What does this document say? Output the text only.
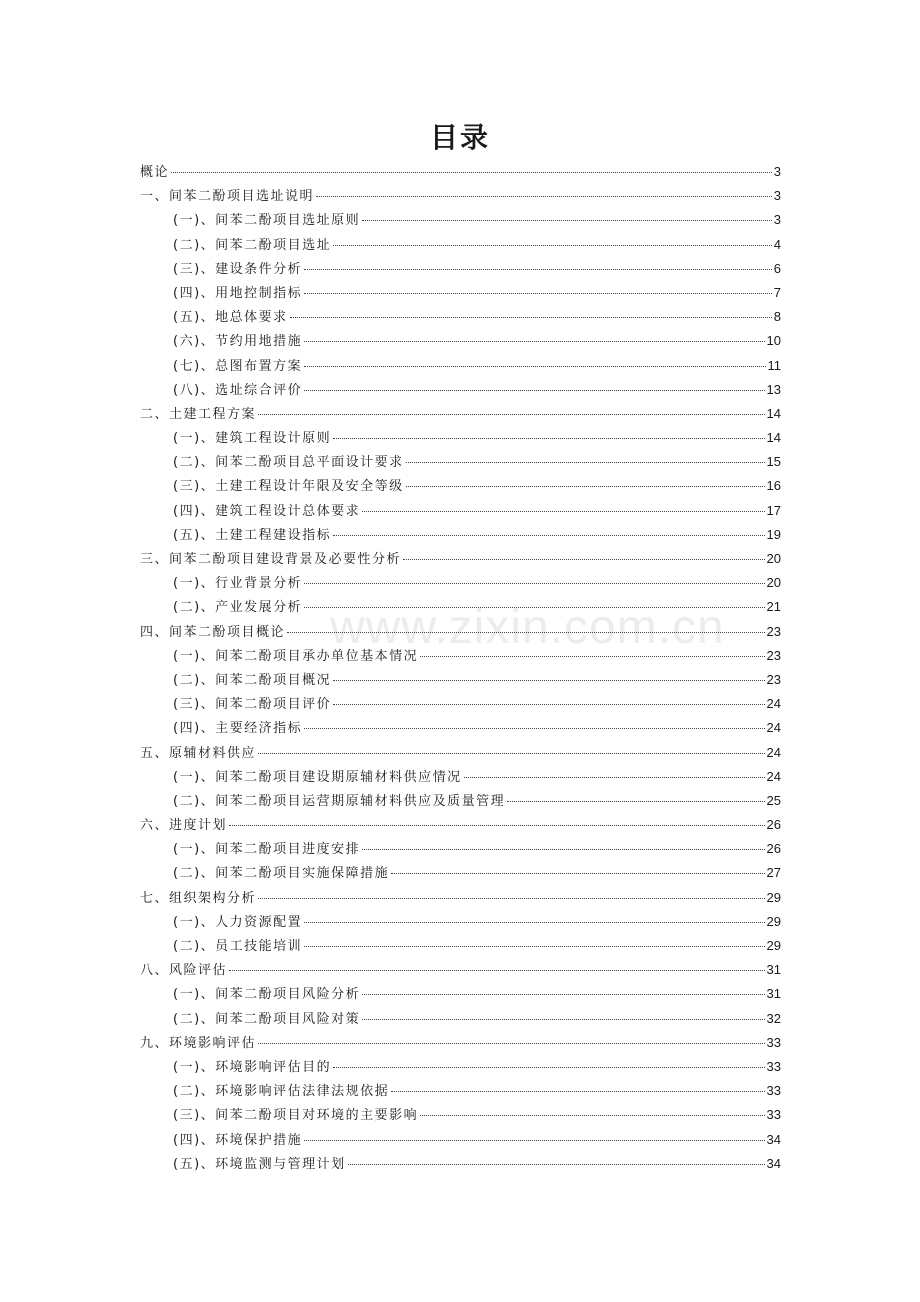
目录
www.zixin.com.cn
概论	3
一、间苯二酚项目选址说明	3
(一)、间苯二酚项目选址原则	3
(二)、间苯二酚项目选址	4
(三)、建设条件分析	6
(四)、用地控制指标	7
(五)、地总体要求	8
(六)、节约用地措施	10
(七)、总图布置方案	11
(八)、选址综合评价	13
二、土建工程方案	14
(一)、建筑工程设计原则	14
(二)、间苯二酚项目总平面设计要求	15
(三)、土建工程设计年限及安全等级	16
(四)、建筑工程设计总体要求	17
(五)、土建工程建设指标	19
三、间苯二酚项目建设背景及必要性分析	20
(一)、行业背景分析	20
(二)、产业发展分析	21
四、间苯二酚项目概论	23
(一)、间苯二酚项目承办单位基本情况	23
(二)、间苯二酚项目概况	23
(三)、间苯二酚项目评价	24
(四)、主要经济指标	24
五、原辅材料供应	24
(一)、间苯二酚项目建设期原辅材料供应情况	24
(二)、间苯二酚项目运营期原辅材料供应及质量管理	25
六、进度计划	26
(一)、间苯二酚项目进度安排	26
(二)、间苯二酚项目实施保障措施	27
七、组织架构分析	29
(一)、人力资源配置	29
(二)、员工技能培训	29
八、风险评估	31
(一)、间苯二酚项目风险分析	31
(二)、间苯二酚项目风险对策	32
九、环境影响评估	33
(一)、环境影响评估目的	33
(二)、环境影响评估法律法规依据	33
(三)、间苯二酚项目对环境的主要影响	33
(四)、环境保护措施	34
(五)、环境监测与管理计划	34
